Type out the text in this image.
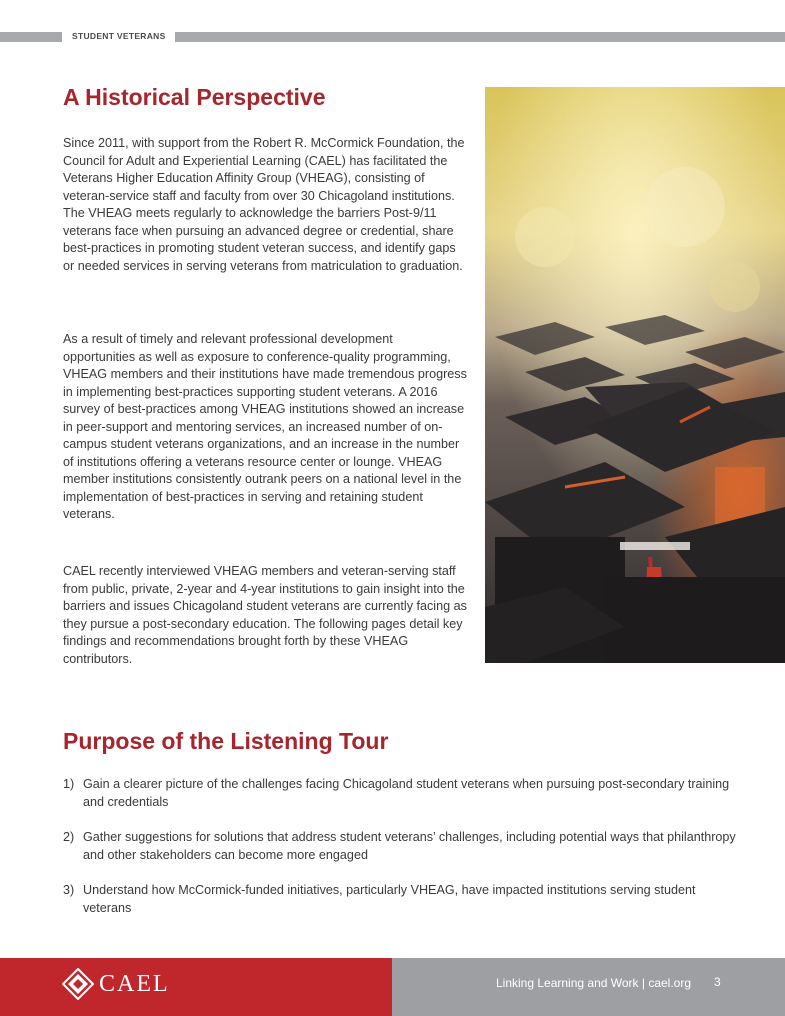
STUDENT VETERANS
A Historical Perspective

Since 2011, with support from the Robert R. McCormick Foundation, the Council for Adult and Experiential Learning (CAEL) has facilitated the Veterans Higher Education Affinity Group (VHEAG), consisting of veteran-service staff and faculty from over 30 Chicagoland institutions. The VHEAG meets regularly to acknowledge the barriers Post-9/11 veterans face when pursuing an advanced degree or credential, share best-practices in promoting student veteran success, and identify gaps or needed services in serving veterans from matriculation to graduation.

As a result of timely and relevant professional development opportunities as well as exposure to conference-quality programming, VHEAG members and their institutions have made tremendous progress in implementing best-practices supporting student veterans. A 2016 survey of best-practices among VHEAG institutions showed an increase in peer-support and mentoring services, an increased number of on-campus student veterans organizations, and an increase in the number of institutions offering a veterans resource center or lounge. VHEAG member institutions consistently outrank peers on a national level in the implementation of best-practices in serving and retaining student veterans.

CAEL recently interviewed VHEAG members and veteran-serving staff from public, private, 2-year and 4-year institutions to gain insight into the barriers and issues Chicagoland student veterans are currently facing as they pursue a post-secondary education. The following pages detail key findings and recommendations brought forth by these VHEAG contributors.

Purpose of the Listening Tour
1) Gain a clearer picture of the challenges facing Chicagoland student veterans when pursuing post-secondary training and credentials
2) Gather suggestions for solutions that address student veterans’ challenges, including potential ways that philanthropy and other stakeholders can become more engaged
3) Understand how McCormick-funded initiatives, particularly VHEAG, have impacted institutions serving student veterans
CAEL	Linking Learning and Work | cael.org 3
